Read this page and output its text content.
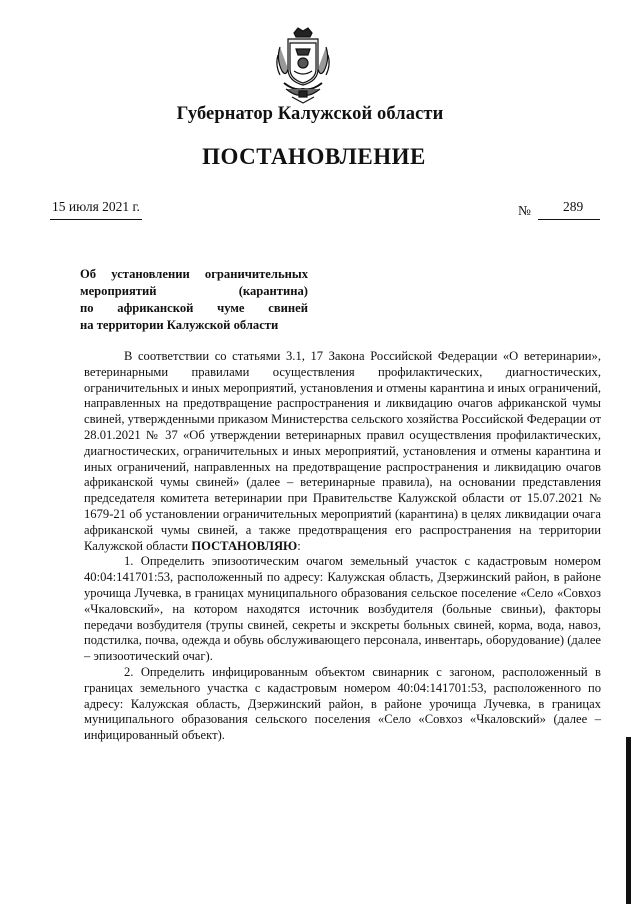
Губернатор Калужской области
ПОСТАНОВЛЕНИЕ
15 июля 2021 г.	№ 289
Об установлении ограничительных
мероприятий (карантина)
по африканской чуме свиней
на территории Калужской области

В соответствии со статьями 3.1, 17 Закона Российской Федерации «О ветеринарии», ветеринарными правилами осуществления профилактических, диагностических, ограничительных и иных мероприятий, установления и отмены карантина и иных ограничений, направленных на предотвращение распространения и ликвидацию очагов африканской чумы свиней, утвержденными приказом Министерства сельского хозяйства Российской Федерации от 28.01.2021 № 37 «Об утверждении ветеринарных правил осуществления профилактических, диагностических, ограничительных и иных мероприятий, установления и отмены карантина и иных ограничений, направленных на предотвращение распространения и ликвидацию очагов африканской чумы свиней» (далее – ветеринарные правила), на основании представления председателя комитета ветеринарии при Правительстве Калужской области от 15.07.2021 № 1679-21 об установлении ограничительных мероприятий (карантина) в целях ликвидации очага африканской чумы свиней, а также предотвращения его распространения на территории Калужской области ПОСТАНОВЛЯЮ:

1. Определить эпизоотическим очагом земельный участок с кадастровым номером 40:04:141701:53, расположенный по адресу: Калужская область, Дзержинский район, в районе урочища Лучевка, в границах муниципального образования сельское поселение «Село «Совхоз «Чкаловский», на котором находятся источник возбудителя (больные свиньи), факторы передачи возбудителя (трупы свиней, секреты и экскреты больных свиней, корма, вода, навоз, подстилка, почва, одежда и обувь обслуживающего персонала, инвентарь, оборудование) (далее – эпизоотический очаг).

2. Определить инфицированным объектом свинарник с загоном, расположенный в границах земельного участка с кадастровым номером 40:04:141701:53, расположенного по адресу: Калужская область, Дзержинский район, в районе урочища Лучевка, в границах муниципального образования сельского поселения «Село «Совхоз «Чкаловский» (далее – инфицированный объект).
